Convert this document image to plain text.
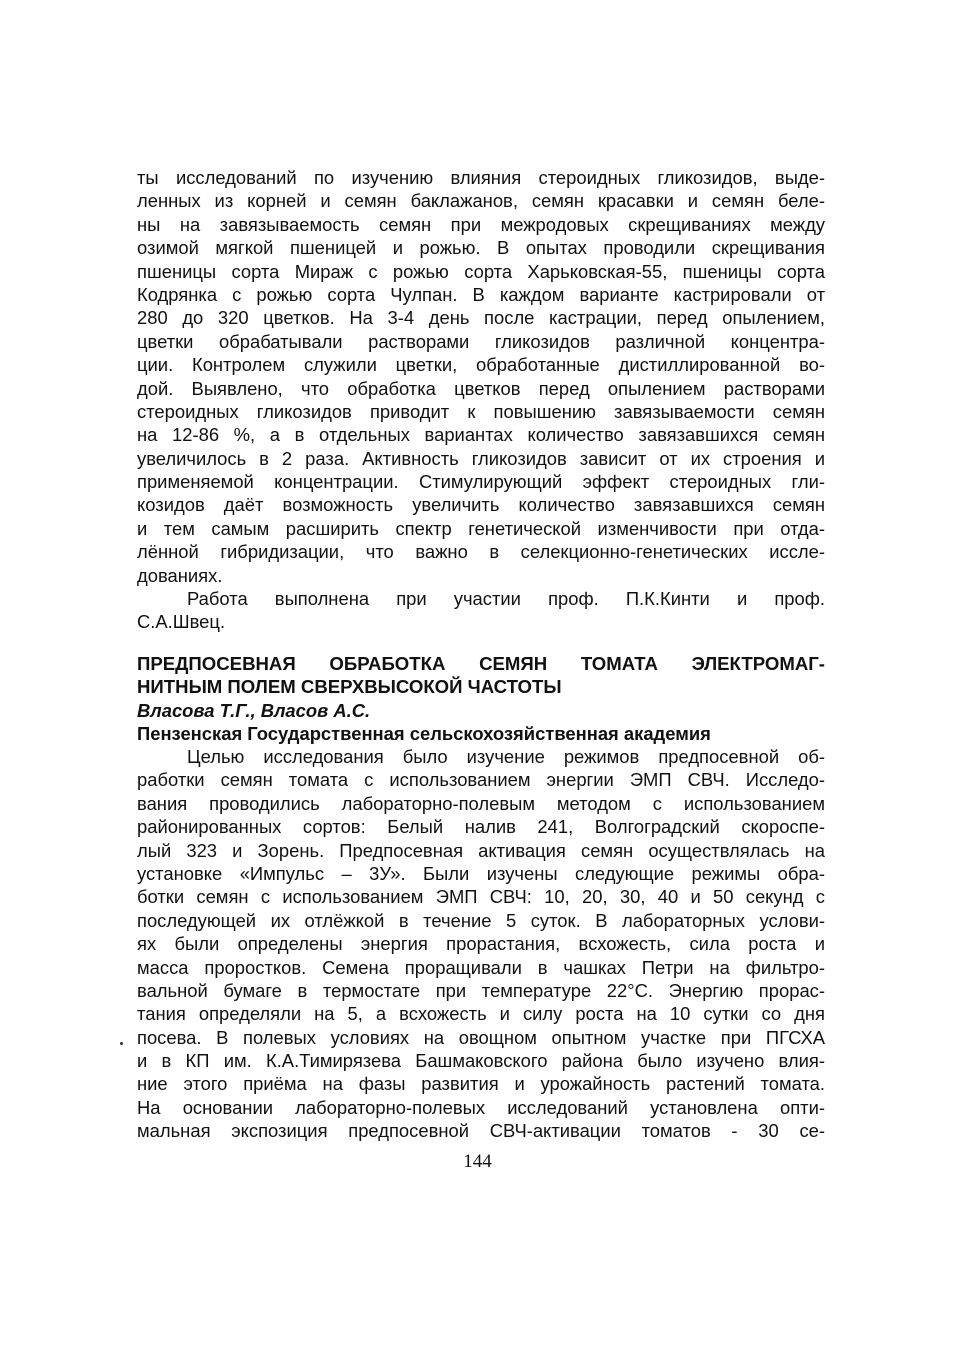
ты исследований по изучению влияния стероидных гликозидов, выде-
ленных из корней и семян баклажанов, семян красавки и семян беле-
ны на завязываемость семян при межродовых скрещиваниях между
озимой мягкой пшеницей и рожью. В опытах проводили скрещивания
пшеницы сорта Мираж с рожью сорта Харьковская-55, пшеницы сорта
Кодрянка с рожью сорта Чулпан. В каждом варианте кастрировали от
280 до 320 цветков. На 3-4 день после кастрации, перед опылением,
цветки обрабатывали растворами гликозидов различной концентра-
ции. Контролем служили цветки, обработанные дистиллированной во-
дой. Выявлено, что обработка цветков перед опылением растворами
стероидных гликозидов приводит к повышению завязываемости семян
на 12-86 %, а в отдельных вариантах количество завязавшихся семян
увеличилось в 2 раза. Активность гликозидов зависит от их строения и
применяемой концентрации. Стимулирующий эффект стероидных гли-
козидов даёт возможность увеличить количество завязавшихся семян
и тем самым расширить спектр генетической изменчивости при отда-
лённой гибридизации, что важно в селекционно-генетических иссле-
дованиях.
Работа выполнена при участии проф. П.К.Кинти и проф.
С.А.Швец.
ПРЕДПОСЕВНАЯ ОБРАБОТКА СЕМЯН ТОМАТА ЭЛЕКТРОМАГ-
НИТНЫМ ПОЛЕМ СВЕРХВЫСОКОЙ ЧАСТОТЫ
Власова Т.Г., Власов А.С.
Пензенская Государственная сельскохозяйственная академия
Целью исследования было изучение режимов предпосевной об-
работки семян томата с использованием энергии ЭМП СВЧ. Исследо-
вания проводились лабораторно-полевым методом с использованием
районированных сортов: Белый налив 241, Волгоградский скороспе-
лый 323 и Зорень. Предпосевная активация семян осуществлялась на
установке «Импульс – 3У». Были изучены следующие режимы обра-
ботки семян с использованием ЭМП СВЧ: 10, 20, 30, 40 и 50 секунд с
последующей их отлёжкой в течение 5 суток. В лабораторных услови-
ях были определены энергия прорастания, всхожесть, сила роста и
масса проростков. Семена проращивали в чашках Петри на фильтро-
вальной бумаге в термостате при температуре 22°С. Энергию прорас-
тания определяли на 5, а всхожесть и силу роста на 10 сутки со дня
посева. В полевых условиях на овощном опытном участке при ПГСХА
и в КП им. К.А.Тимирязева Башмаковского района было изучено влия-
ние этого приёма на фазы развития и урожайность растений томата.
На основании лабораторно-полевых исследований установлена опти-
мальная экспозиция предпосевной СВЧ-активации томатов - 30 се-
144
